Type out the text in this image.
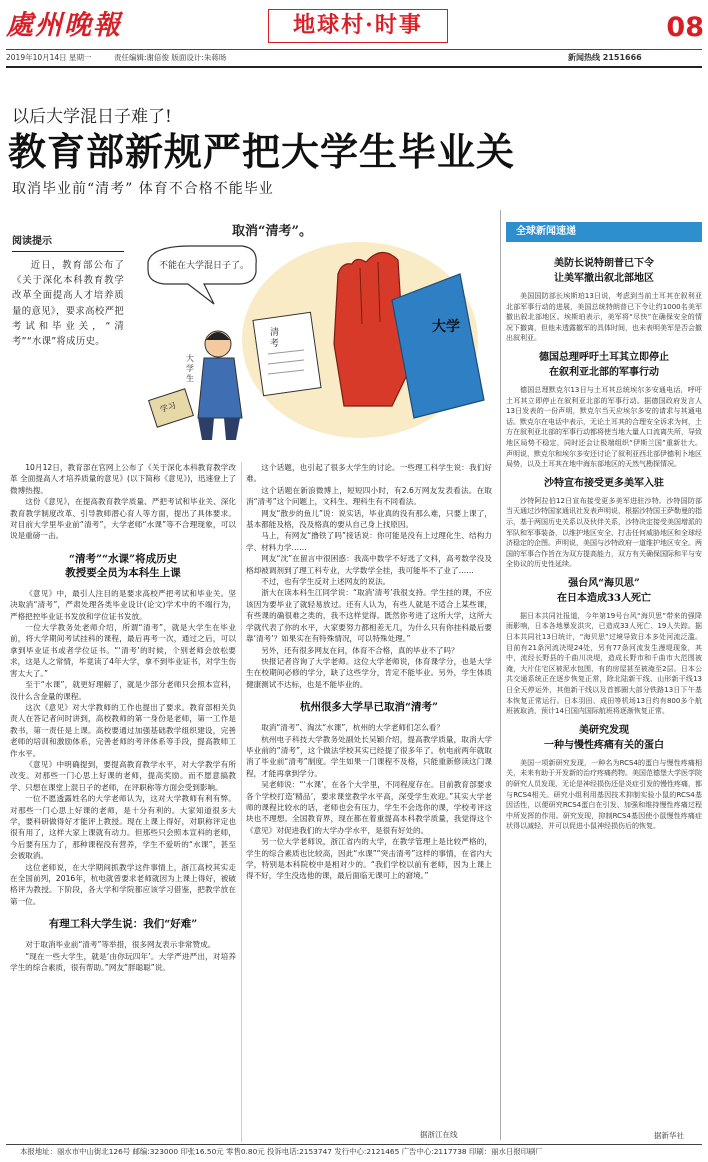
處州晚報	地球村·时事	08
2019年10月14日 星期一	责任编辑:谢倍俊 版面设计:朱蒋旸	新闻热线 2151666
以后大学混日子难了!
教育部新规严把大学生毕业关
取消毕业前“清考” 体育不合格不能毕业
阅读提示
近日，教育部公布了《关于深化本科教育教学改革全面提高人才培养质量的意见》，要求高校严把考试和毕业关，“清考”“水课”将成历史。
取消“清考”。
不能在大学混日子了。
清考
大学
大学生
学习
10月12日，教育部在官网上公布了《关于深化本科教育教学改革 全面提高人才培养质量的意见》(以下简称《意见》)，迅速登上了微博热搜。
这份《意见》，在提高教育教学质量、严把考试和毕业关、深化教育教学制度改革、引导教师潜心育人等方面，提出了具体要求。对目前大学里毕业前“清考”，大学老师“水课”等不合理现象，可以说是重磅一击。
“清考”“水课”将成历史
教授要全员为本科生上课
《意见》中，最引人注目的是要求高校严把考试和毕业关。坚决取消“清考”，严肃处理各类毕业设计(论文)学术中的不端行为，严格把控毕业证书发放和学位证书发放。
一位大学教务处老师介绍，所谓“清考”，就是大学生在毕业前，将大学期间考试挂科的课程，最后再考一次，通过之后，可以拿到毕业证书或者学位证书。“‘清考’的时候，个别老师会放松要求，这是人之常情，毕竟读了4年大学，拿不到毕业证书，对学生伤害太大了。”
至于“水课”，就更好理解了，就是少部分老师只会照本宣科，没什么含金量的课程。
这次《意见》对大学教师的工作也提出了要求。教育部相关负责人在答记者问时讲到，高校教师的第一身份是老师，第一工作是教书，第一责任是上课。高校要通过加强基础教学组织建设，完善老师的培训和激励体系，完善老师的考评体系等手段，提高教师工作水平。
《意见》中明确提到，要提高教育教学水平，对大学教学有所改变。对那些一门心思上好课的老师，提高奖励。而不愿意搞教学、只想在课堂上混日子的老师，在评职称等方面会受到影响。
一位不愿透露姓名的大学老师认为，这对大学教师有利有弊。对那些一门心思上好课的老师，是十分有利的。大家知道很多大学，要科研做得好才能评上教授。现在上课上得好，对职称评定也很有用了，这样大家上课就有动力。但那些只会照本宣科的老师，今后要有压力了，那种课程没有营养，学生不爱听的“水课”，甚至会被取消。
这位老师说，在大学期间抓教学这件事情上，浙江高校其实走在全国前列，2016年，杭电就曾要求老师就因为上课上得好，被破格评为教授。下阶段，各大学和学院都应该学习借鉴，把教学放在第一位。
有理工科大学生说：我们“好难”
对于取消毕业前“清考”等举措，很多网友表示非常赞成。
“现在一些大学生，就是‘由你玩四年’。大学严进严出，对培养学生的综合素质，很有帮助。”网友“胖聪聪”说。
这个话题，也引起了很多大学生的讨论。一些理工科学生说：我们好难。
这个话题在新浪微博上，短短四小时，有2.6万网友发表看法。在取消“清考”这个问题上，文科生、理科生有不同看法。
网友“散步的鱼儿”说：说实话，毕业真的没有那么难，只要上课了，基本都能及格，没及格真的要从自己身上找原因。
马上，有网友“撸铁了吗”接话说：你可能是没有上过理化生、结构力学、材料力学……
网友“沈”在留言中很困惑：我高中数学不好选了文科，高考数学没及格却被调剂到了理工科专业，大学数学全挂，我可能毕不了业了……
不过，也有学生反对上述网友的说法。
浙大在读本科生江同学说：“取消‘清考’我很支持。学生挂的课，不应该因为要毕业了就轻易放过。还有人认为，有些人就是不适合上某些课，有些课的确很难之类的，我不这样觉得。既然你考进了这所大学，这所大学就代表了你的水平，大家要努力都相差无几，为什么只有你挂科最后要靠‘清考’？如果实在有特殊情况，可以特殊处理。”
另外，还有很多网友在问，体育不合格，真的毕业不了吗？
快报记者咨询了大学老师。这位大学老师说，体育课学分，也是大学生在校期间必修的学分，缺了这些学分，肯定不能毕业。另外，学生体质健康测试不达标，也是不能毕业的。
杭州很多大学早已取消“清考”
取消“清考”、淘汰“水课”，杭州的大学老师们怎么看？
杭州电子科技大学教务处副处长吴颖介绍，提高教学质量，取消大学毕业前的“清考”，这个做法学校其实已经提了很多年了。杭电前两年就取消了毕业前“清考”制度。学生如果一门课程不及格，只能重新修读这门课程，才能再拿到学分。
吴老师说：“‘水课’，在各个大学里，不同程度存在。目前教育部要求各个学校打造‘精品’，要求课堂教学水平高，深受学生欢迎。”其实大学老师的课程比较水的话，老师也会有压力，学生不会选你的课，学校考评这块也不理想。全国教育界，现在都在着重提高本科教学质量，我觉得这个《意见》对促进我们的大学办学水平，是很有好处的。
另一位大学老师说，浙江省内的大学，在教学管理上是比较严格的，学生的综合素质也比较高，因此“水课”“突击清考”这样的事情，在省内大学，特别是本科院校中是相对少的。“我们学校以前有老师，因为上课上得不好，学生没选他的课，最后面临无课可上的窘境。”
据浙江在线
全球新闻速递
美防长说特朗普已下令
让美军撤出叙北部地区
美国国防部长埃斯珀13日说，考虑到当前土耳其在叙利亚北部军事行动的进展，美国总统特朗普已下令让约1000名美军撤出叙北部地区。埃斯珀表示，美军将“尽快”在确保安全的情况下撤离，但他未透露撤军的具体时间，也未表明美军是否会撤出叙利亚。
德国总理呼吁土耳其立即停止
在叙利亚北部的军事行动
德国总理默克尔13日与土耳其总统埃尔多安通电话，呼吁土耳其立即停止在叙利亚北部的军事行动。据德国政府发言人13日发表的一份声明，默克尔当天应埃尔多安的请求与其通电话。默克尔在电话中表示，无论土耳其的合理安全诉求为何，土方在叙利亚北部的军事行动都将使当地大量人口流离失所，导致地区局势不稳定，同时还会让极端组织“伊斯兰国”重新壮大。声明说，默克尔和埃尔多安还讨论了叙利亚西北部伊德利卜地区局势，以及土耳其在地中海东部地区的天然气勘探情况。
沙特宣布接受更多美军入驻
沙特阿拉伯12日宣布接受更多美军进驻沙特。沙特国防部当天通过沙特国家通讯社发表声明说，根据沙特国王萨勒曼的指示，基于两国历史关系以及伙伴关系，沙特决定接受美国增派的军队和军事装备，以维护地区安全、打击任何威胁地区和全球经济稳定的企图。声明说，美国与沙特政府一道维护地区安全。两国的军事合作旨在为双方提高能力，双方有关确保国际和平与安全协议的历史性延续。
强台风“海贝思”
在日本造成33人死亡
据日本共同社报道，今年第19号台风“海贝思”带来的强降雨影响，日本各地暴发洪灾，已造成33人死亡、19人失踪。据日本共同社13日统计，“海贝思”过境导致日本多处河流泛滥。目前有21条河流决堤24处，另有77条河流发生漫堤现象，其中，流经长野县的千曲川决堤，造成长野市和千曲市大范围被淹，大片住宅区被泥水包围，有的房屋甚至被淹至2层。日本公共交通系统正在逐步恢复正常，除北陆新干线、山形新干线13日全天停运外，其他新干线以及首都圈大部分铁路13日下午基本恢复正常运行。日本羽田、成田等机场13日约有800多个航班被取消，预计14日国内国际航班将逐渐恢复正常。
美研究发现
一种与慢性疼痛有关的蛋白
美国一项新研究发现，一种名为RCS4的蛋白与慢性疼痛相关，未来有助于开发新的治疗疼痛药物。美国范德堡大学医学院的研究人员发现，无论是神经损伤还是炎症引发的慢性疼痛，都与RCS4相关。研究小组利用基因技术抑制实验小鼠的RCS4基因活性，以便研究RCS4蛋白在引发、加强和维持慢性疼痛过程中所发挥的作用。研究发现，抑制RCS4基因使小鼠慢性疼痛症状得以减轻，并可以促进小鼠神经损伤后的恢复。
据新华社
本报地址：丽水市中山街北126号 邮编:323000 印张16.50元 零售0.80元 投诉电话:2153747 发行中心:2121465 广告中心:2117738 印刷：丽水日报印刷厂
